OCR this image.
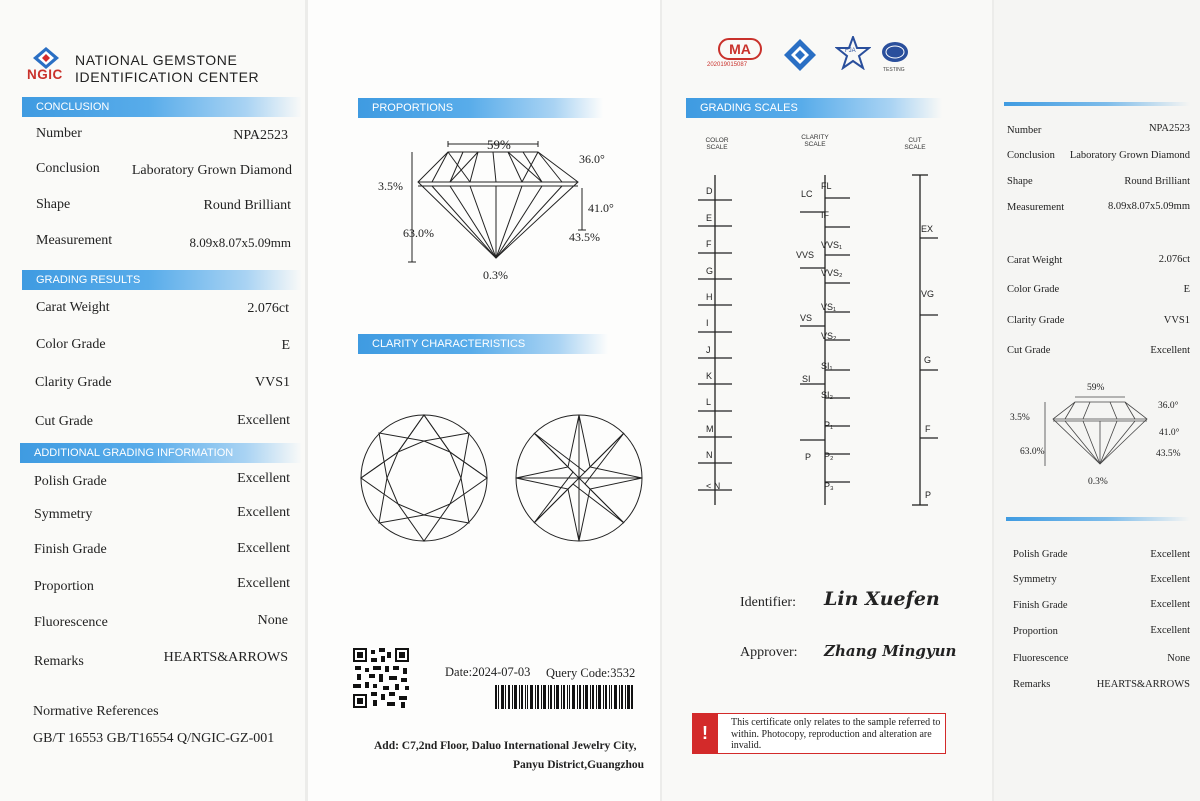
NGIC
NATIONAL GEMSTONE
IDENTIFICATION CENTER
CONCLUSION
Number	NPA2523
Conclusion Laboratory Grown Diamond
Shape	Round Brilliant
Measurement	8.09x8.07x5.09mm
GRADING RESULTS
Carat Weight	2.076ct
Color Grade	E
Clarity Grade	VVS1
Cut Grade	Excellent
ADDITIONAL GRADING INFORMATION
Polish Grade	Excellent
Symmetry	Excellent
Finish Grade	Excellent
Proportion	Excellent
Fluorescence	None
Remarks	HEARTS&ARROWS
Normative References
GB/T 16553 GB/T16554 Q/NGIC-GZ-001
PROPORTIONS
59%
36.0°
3.5%
41.0°
63.0%	43.5%
0.3%
CLARITY CHARACTERISTICS
Date:2024-07-03 Query Code:3532
Add: C7,2nd Floor, Daluo International Jewelry City,
Panyu District,Guangzhou
MA
202019015087
FJA
TESTING
GRADING SCALES
COLOR SCALE
CLARITY SCALE
CUT SCALE
D
E
F
G
H
I
J
K
L
M
N
< N
LC
VVS
VS
SI
P
FL
IF
VVS₁
VVS₂
VS₁
VS₂
SI₁
SI₂
P₁
P₂
P₃
EX
VG
G
F
P
Identifier: Lin Xuefen
Approver: Zhang Mingyun
!
This certificate only relates to the sample referred to within. Photocopy, reproduction and alteration are invalid.
Number	NPA2523
Conclusion Laboratory Grown Diamond
Shape	Round Brilliant
Measurement	8.09x8.07x5.09mm
Carat Weight	2.076ct
Color Grade	E
Clarity Grade	VVS1
Cut Grade	Excellent
59%
36.0°
3.5%
41.0°
63.0%	43.5%
0.3%
Polish Grade	Excellent
Symmetry	Excellent
Finish Grade	Excellent
Proportion	Excellent
Fluorescence	None
Remarks	HEARTS&ARROWS
